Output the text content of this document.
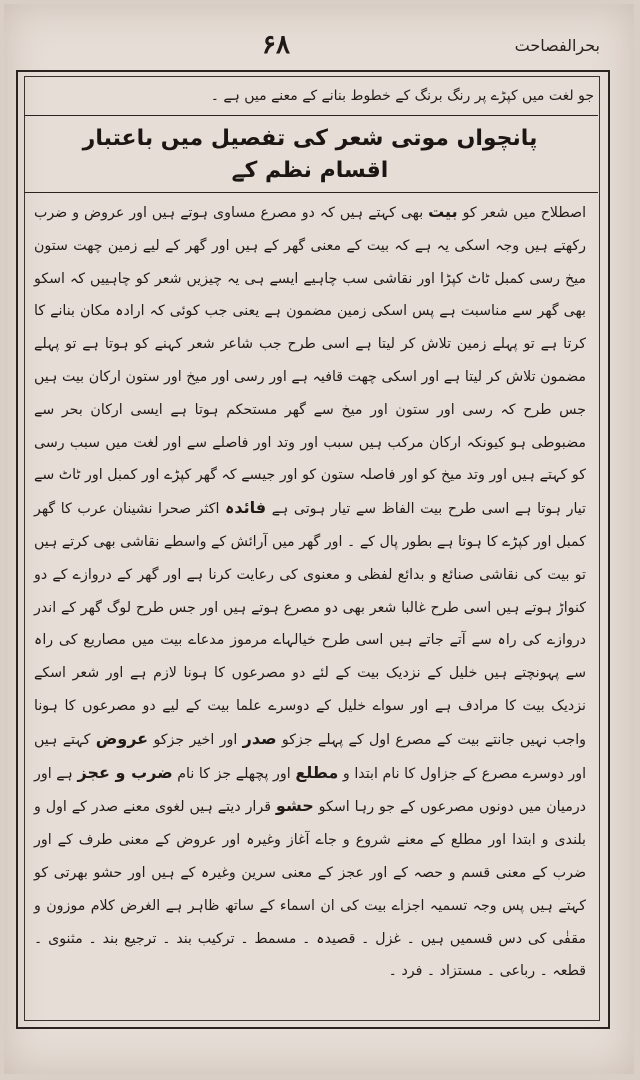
بحرالفصاحت
۶۸
جو لغت میں کپڑے پر رنگ برنگ کے خطوط بنانے کے معنے میں ہے ۔
پانچواں موتی شعر کی تفصیل میں باعتبار
اقسام نظم کے

اصطلاح میں شعر کو بیت بھی کہتے ہیں کہ دو مصرع مساوی ہوتے ہیں اور عروض و ضرب رکھتے ہیں وجہ اسکی یہ ہے کہ بیت کے معنی گھر کے ہیں اور گھر کے لیے زمین چھت ستون میخ رسی کمبل ٹاٹ کپڑا اور نقاشی سب چاہیے ایسے ہی یہ چیزیں شعر کو چاہییں کہ اسکو بھی گھر سے مناسبت ہے پس اسکی زمین مضمون ہے یعنی جب کوئی کہ ارادہ مکان بنانے کا کرتا ہے تو پہلے زمین تلاش کر لیتا ہے اسی طرح جب شاعر شعر کہنے کو ہوتا ہے تو پہلے مضمون تلاش کر لیتا ہے اور اسکی چھت قافیہ ہے اور رسی اور میخ اور ستون ارکان بیت ہیں جس طرح کہ رسی اور ستون اور میخ سے گھر مستحکم ہوتا ہے ایسی ارکان بحر سے مضبوطی ہو کیونکہ ارکان مرکب ہیں سبب اور وتد اور فاصلے سے اور لغت میں سبب رسی کو کہتے ہیں اور وتد میخ کو اور فاصلہ ستون کو اور جیسے کہ گھر کپڑے اور کمبل اور ٹاٹ سے تیار ہوتا ہے اسی طرح بیت الفاظ سے تیار ہوتی ہے فائدہ اکثر صحرا نشینان عرب کا گھر کمبل اور کپڑے کا ہوتا ہے بطور پال کے ۔ اور گھر میں آرائش کے واسطے نقاشی بھی کرتے ہیں تو بیت کی نقاشی صنائع و بدائع لفظی و معنوی کی رعایت کرنا ہے اور گھر کے دروازے کے دو کنواڑ ہوتے ہیں اسی طرح غالبا شعر بھی دو مصرع ہوتے ہیں اور جس طرح لوگ گھر کے اندر دروازے کی راہ سے آتے جاتے ہیں اسی طرح خیالہاے مرموز مدعاے بیت میں مصاریع کی راہ سے پہونچتے ہیں خلیل کے نزدیک بیت کے لئے دو مصرعوں کا ہونا لازم ہے اور شعر اسکے نزدیک بیت کا مرادف ہے اور سواے خلیل کے دوسرے علما بیت کے لیے دو مصرعوں کا ہونا واجب نہیں جانتے بیت کے مصرع اول کے پہلے جزکو صدر اور اخیر جزکو عروض کہتے ہیں اور دوسرے مصرع کے جزاول کا نام ابتدا و مطلع اور پچھلے جز کا نام ضرب و عجز ہے اور درمیان میں دونوں مصرعوں کے جو رہا اسکو حشو قرار دیتے ہیں لغوی معنے صدر کے اول و بلندی و ابتدا اور مطلع کے معنے شروع و جاے آغاز وغیرہ اور عروض کے معنی طرف کے اور ضرب کے معنی قسم و حصہ کے اور عجز کے معنی سرین وغیرہ کے ہیں اور حشو بھرتی کو کہتے ہیں پس وجہ تسمیہ اجزاے بیت کی ان اسماء کے ساتھ ظاہر ہے الغرض کلام موزون و مقفٰی کی دس قسمیں ہیں ۔ غزل ۔ قصیدہ ۔ مسمط ۔ ترکیب بند ۔ ترجیع بند ۔ مثنوی ۔ قطعہ ۔ رباعی ۔ مستزاد ۔ فرد ۔
